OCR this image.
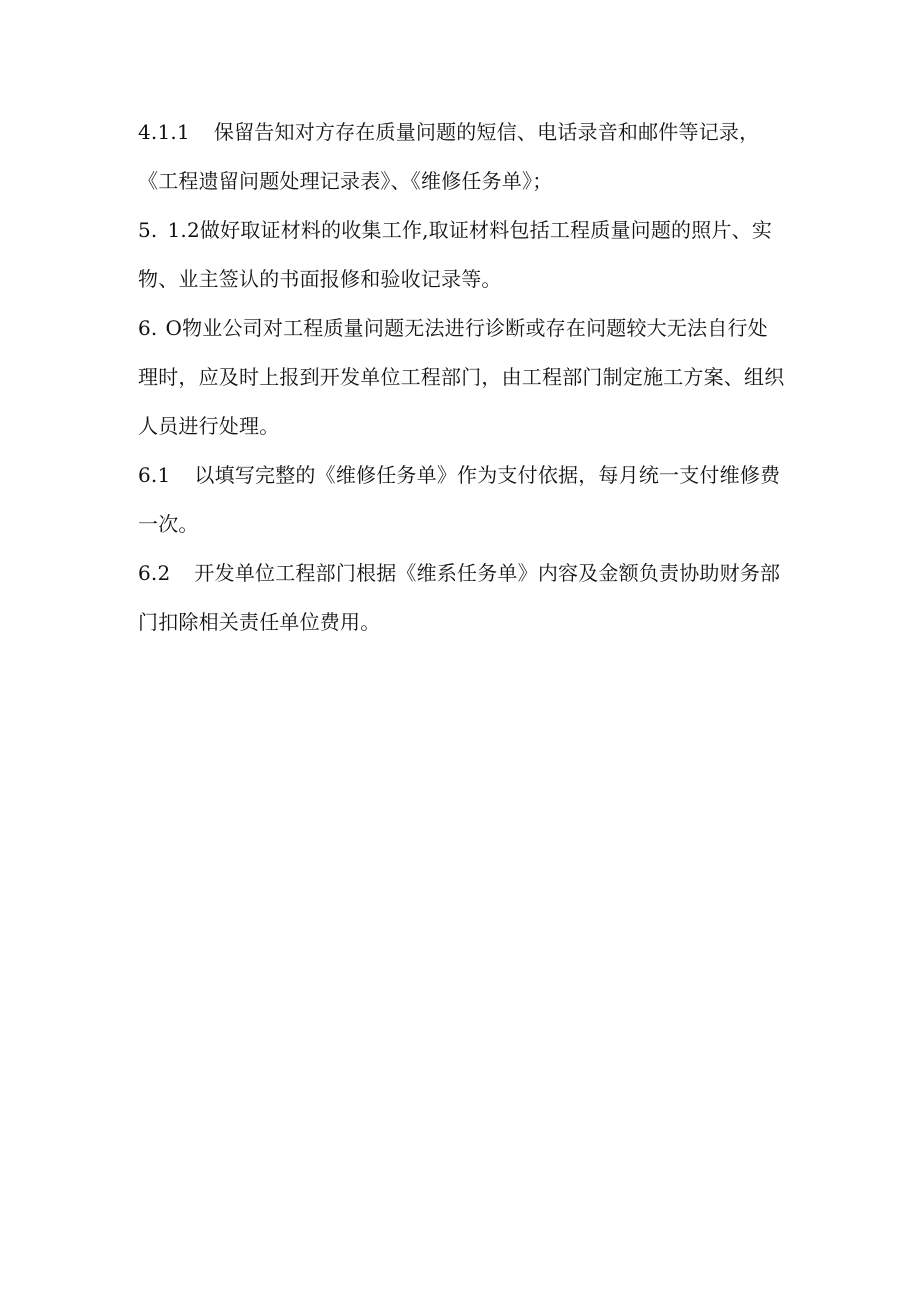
4.1.1 保留告知对方存在质量问题的短信、电话录音和邮件等记录，《工程遗留问题处理记录表》、《维修任务单》；

5. 1.2做好取证材料的收集工作,取证材料包括工程质量问题的照片、实物、业主签认的书面报修和验收记录等。

6. O物业公司对工程质量问题无法进行诊断或存在问题较大无法自行处理时，应及时上报到开发单位工程部门，由工程部门制定施工方案、组织人员进行处理。

6.1 以填写完整的《维修任务单》作为支付依据，每月统一支付维修费一次。

6.2 开发单位工程部门根据《维系任务单》内容及金额负责协助财务部门扣除相关责任单位费用。
